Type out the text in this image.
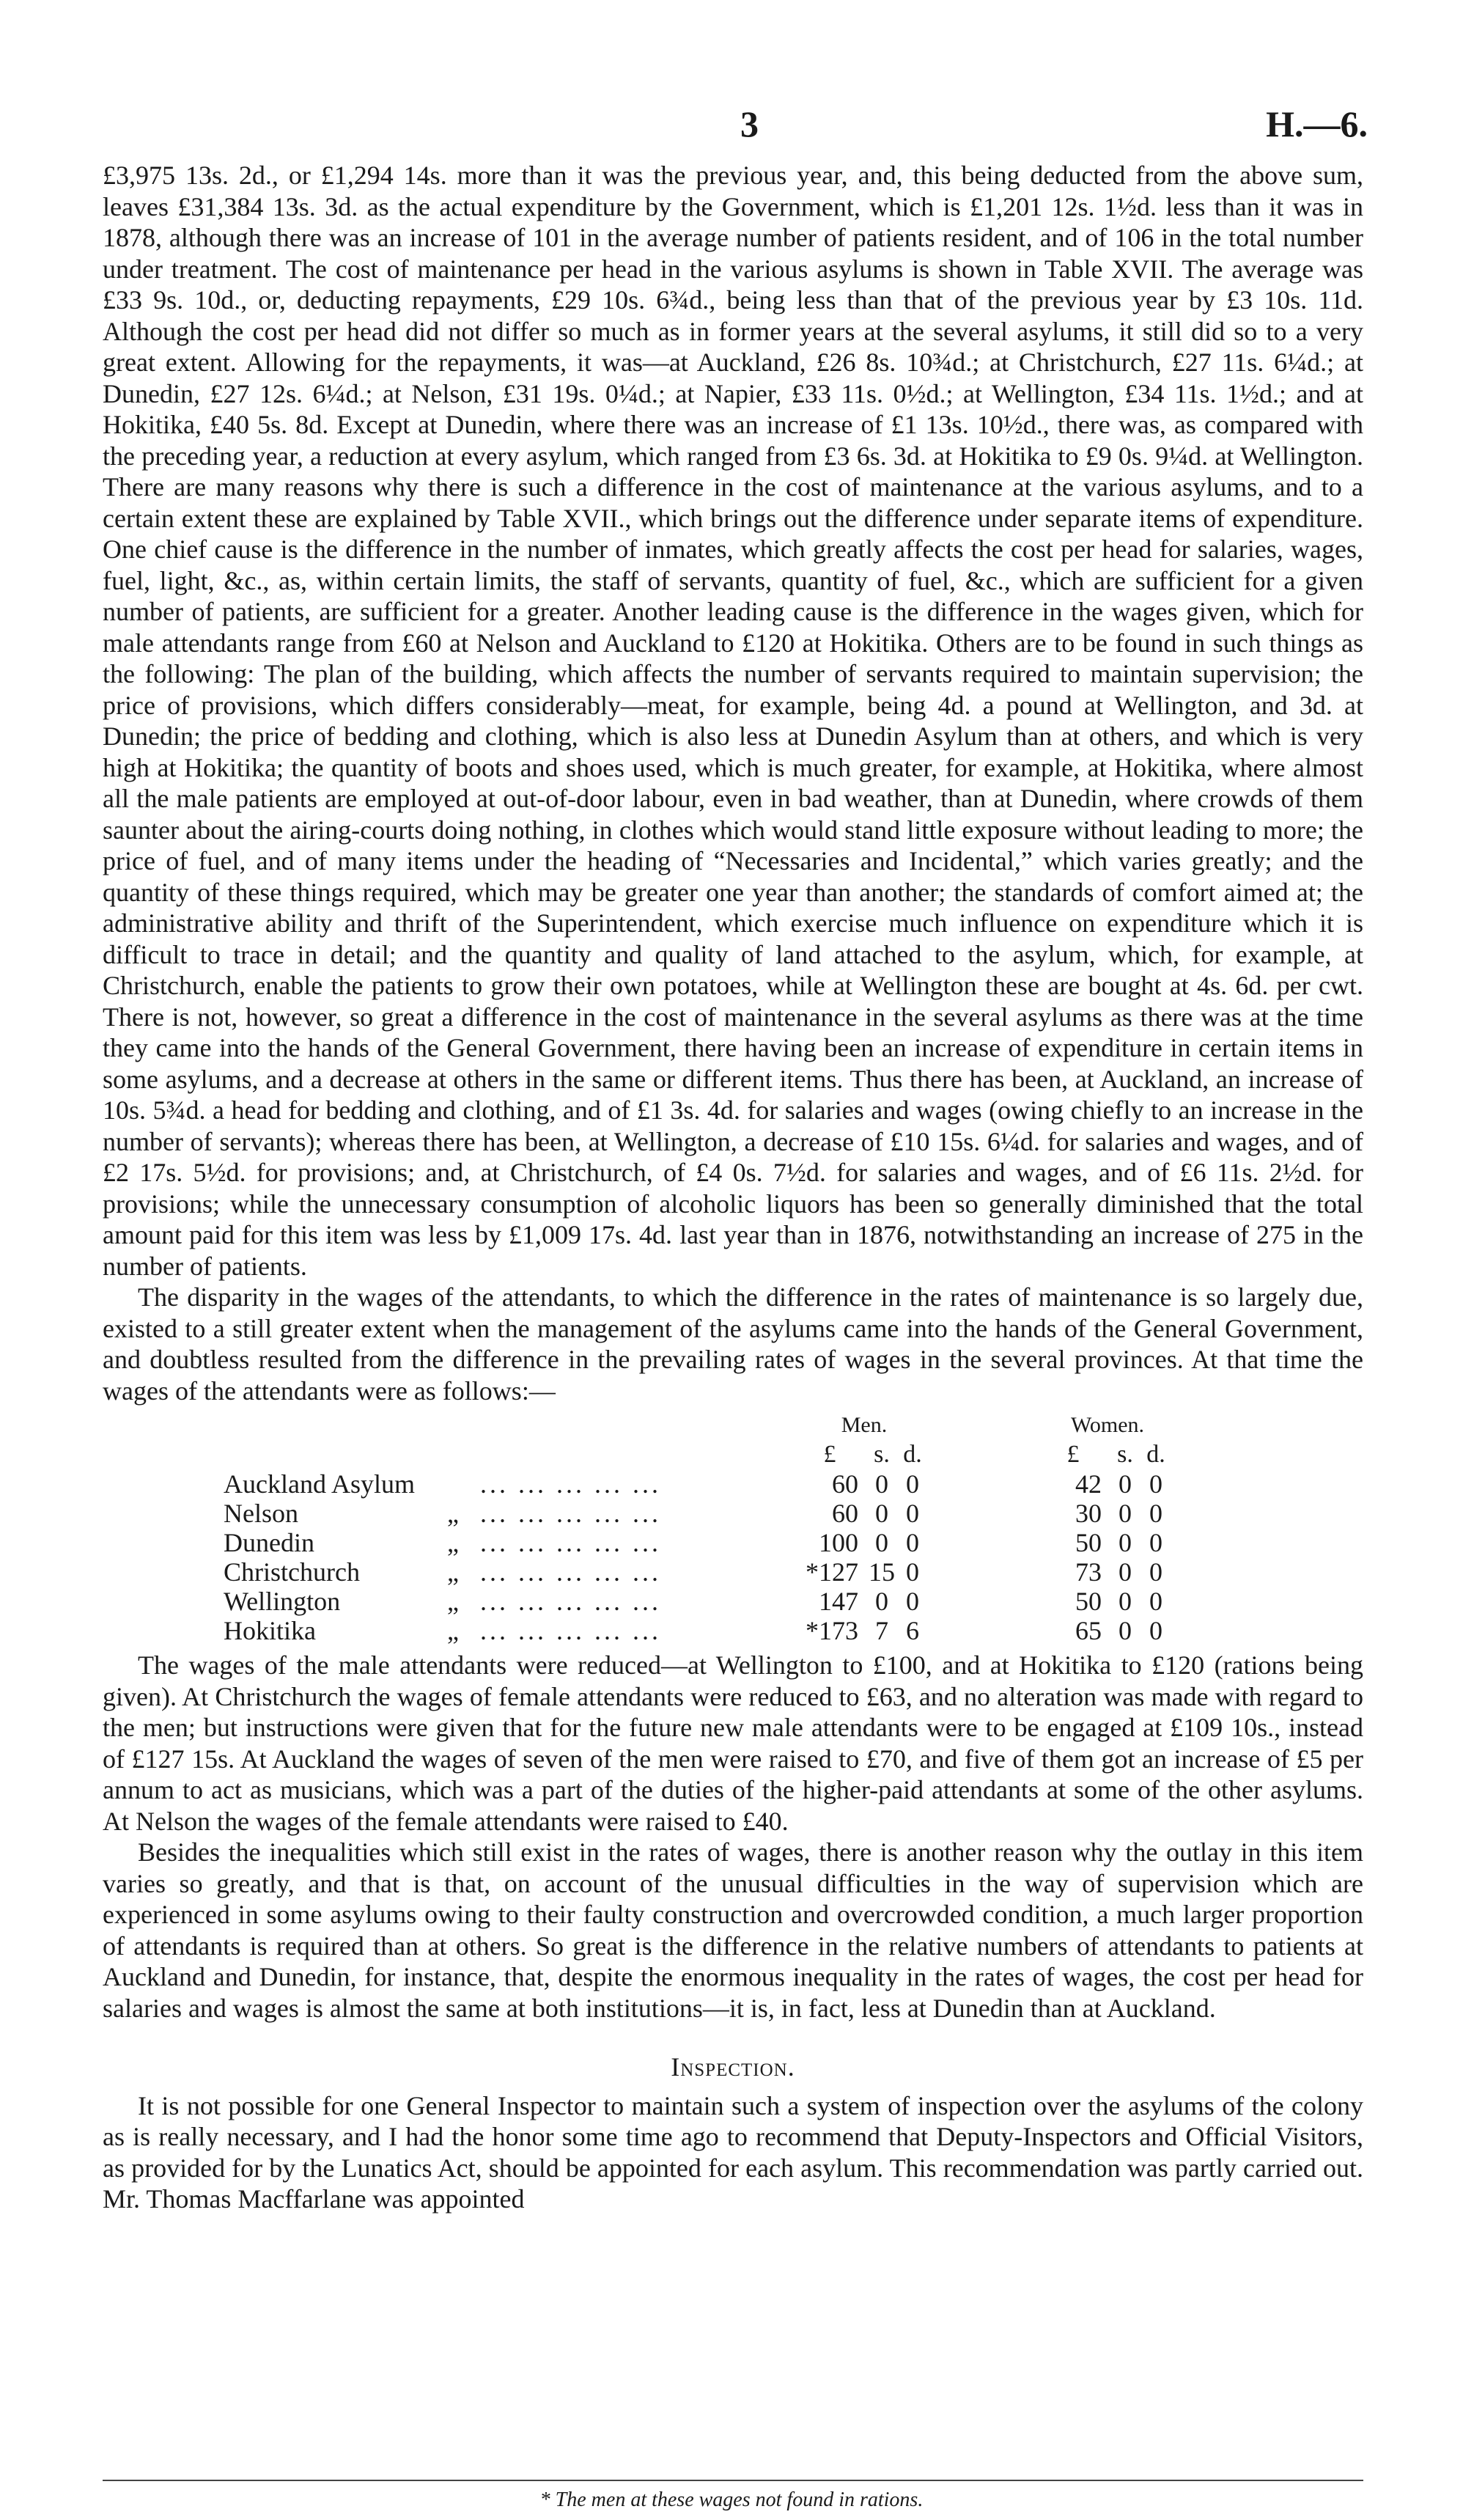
3	H.—6.

£3,975 13s. 2d., or £1,294 14s. more than it was the previous year, and, this being deducted from the above sum, leaves £31,384 13s. 3d. as the actual expenditure by the Government, which is £1,201 12s. 1½d. less than it was in 1878, although there was an increase of 101 in the average number of patients resident, and of 106 in the total number under treatment. The cost of maintenance per head in the various asylums is shown in Table XVII. The average was £33 9s. 10d., or, deducting repayments, £29 10s. 6¾d., being less than that of the previous year by £3 10s. 11d. Although the cost per head did not differ so much as in former years at the several asylums, it still did so to a very great extent. Allowing for the repayments, it was—at Auckland, £26 8s. 10¾d.; at Christchurch, £27 11s. 6¼d.; at Dunedin, £27 12s. 6¼d.; at Nelson, £31 19s. 0¼d.; at Napier, £33 11s. 0½d.; at Wellington, £34 11s. 1½d.; and at Hokitika, £40 5s. 8d. Except at Dunedin, where there was an increase of £1 13s. 10½d., there was, as compared with the preceding year, a reduction at every asylum, which ranged from £3 6s. 3d. at Hokitika to £9 0s. 9¼d. at Wellington. There are many reasons why there is such a difference in the cost of maintenance at the various asylums, and to a certain extent these are explained by Table XVII., which brings out the difference under separate items of expenditure. One chief cause is the difference in the number of inmates, which greatly affects the cost per head for salaries, wages, fuel, light, &c., as, within certain limits, the staff of servants, quantity of fuel, &c., which are sufficient for a given number of patients, are sufficient for a greater. Another leading cause is the difference in the wages given, which for male attendants range from £60 at Nelson and Auckland to £120 at Hokitika. Others are to be found in such things as the following: The plan of the building, which affects the number of servants required to maintain supervision; the price of provisions, which differs considerably—meat, for example, being 4d. a pound at Wellington, and 3d. at Dunedin; the price of bedding and clothing, which is also less at Dunedin Asylum than at others, and which is very high at Hokitika; the quantity of boots and shoes used, which is much greater, for example, at Hokitika, where almost all the male patients are employed at out-of-door labour, even in bad weather, than at Dunedin, where crowds of them saunter about the airing-courts doing nothing, in clothes which would stand little exposure without leading to more; the price of fuel, and of many items under the heading of “Necessaries and Incidental,” which varies greatly; and the quantity of these things required, which may be greater one year than another; the standards of comfort aimed at; the administrative ability and thrift of the Superintendent, which exercise much influence on expenditure which it is difficult to trace in detail; and the quantity and quality of land attached to the asylum, which, for example, at Christchurch, enable the patients to grow their own potatoes, while at Wellington these are bought at 4s. 6d. per cwt. There is not, however, so great a difference in the cost of maintenance in the several asylums as there was at the time they came into the hands of the General Government, there having been an increase of expenditure in certain items in some asylums, and a decrease at others in the same or different items. Thus there has been, at Auckland, an increase of 10s. 5¾d. a head for bedding and clothing, and of £1 3s. 4d. for salaries and wages (owing chiefly to an increase in the number of servants); whereas there has been, at Wellington, a decrease of £10 15s. 6¼d. for salaries and wages, and of £2 17s. 5½d. for provisions; and, at Christchurch, of £4 0s. 7½d. for salaries and wages, and of £6 11s. 2½d. for provisions; while the unnecessary consumption of alcoholic liquors has been so generally diminished that the total amount paid for this item was less by £1,009 17s. 4d. last year than in 1876, notwithstanding an increase of 275 in the number of patients.

The disparity in the wages of the attendants, to which the difference in the rates of maintenance is so largely due, existed to a still greater extent when the management of the asylums came into the hands of the General Government, and doubtless resulted from the difference in the prevailing rates of wages in the several provinces. At that time the wages of the attendants were as follows:—

			Men.				Women.		
			£	s.	d.		£	s.	d.
Auckland Asylum		... ... ... ... ...	60	0	0		42	0	0
Nelson	„	... ... ... ... ...	60	0	0		30	0	0
Dunedin	„	... ... ... ... ...	100	0	0		50	0	0
Christchurch	„	... ... ... ... ...	*127	15	0		73	0	0
Wellington	„	... ... ... ... ...	147	0	0		50	0	0
Hokitika	„	... ... ... ... ...	*173	7	6		65	0	0

The wages of the male attendants were reduced—at Wellington to £100, and at Hokitika to £120 (rations being given). At Christchurch the wages of female attendants were reduced to £63, and no alteration was made with regard to the men; but instructions were given that for the future new male attendants were to be engaged at £109 10s., instead of £127 15s. At Auckland the wages of seven of the men were raised to £70, and five of them got an increase of £5 per annum to act as musicians, which was a part of the duties of the higher-paid attendants at some of the other asylums. At Nelson the wages of the female attendants were raised to £40.

Besides the inequalities which still exist in the rates of wages, there is another reason why the outlay in this item varies so greatly, and that is that, on account of the unusual difficulties in the way of supervision which are experienced in some asylums owing to their faulty construction and overcrowded condition, a much larger proportion of attendants is required than at others. So great is the difference in the relative numbers of attendants to patients at Auckland and Dunedin, for instance, that, despite the enormous inequality in the rates of wages, the cost per head for salaries and wages is almost the same at both institutions—it is, in fact, less at Dunedin than at Auckland.

Inspection.

It is not possible for one General Inspector to maintain such a system of inspection over the asylums of the colony as is really necessary, and I had the honor some time ago to recommend that Deputy-Inspectors and Official Visitors, as provided for by the Lunatics Act, should be appointed for each asylum. This recommendation was partly carried out. Mr. Thomas Macffarlane was appointed

* The men at these wages not found in rations.
